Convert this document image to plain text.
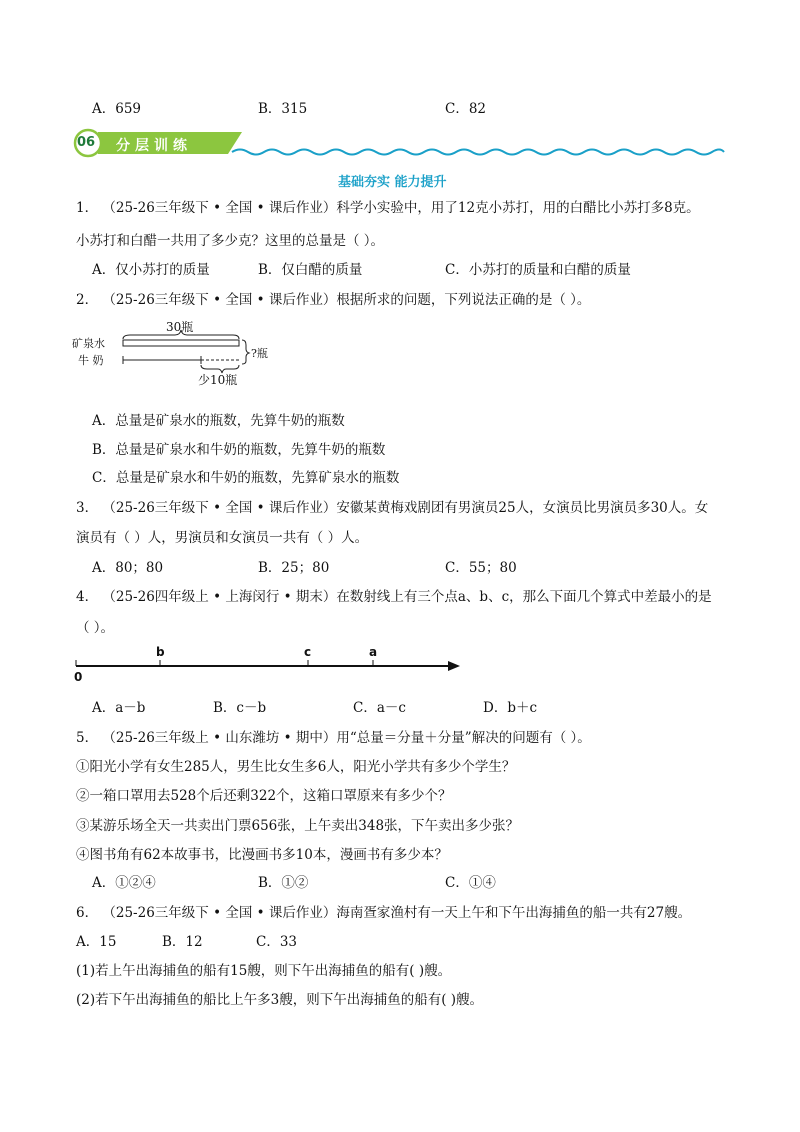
A．659	B．315	C．82
06 分层训练
基础夯实 能力提升
1． （25-26三年级下 • 全国 • 课后作业）科学小实验中，用了12克小苏打，用的白醋比小苏打多8克。
小苏打和白醋一共用了多少克？这里的总量是（ ）。
A．仅小苏打的质量	B．仅白醋的质量	C．小苏打的质量和白醋的质量
2． （25-26三年级下 • 全国 • 课后作业）根据所求的问题，下列说法正确的是（ ）。
30瓶
矿泉水
牛 奶
?瓶
少10瓶
A．总量是矿泉水的瓶数，先算牛奶的瓶数
B．总量是矿泉水和牛奶的瓶数，先算牛奶的瓶数
C．总量是矿泉水和牛奶的瓶数，先算矿泉水的瓶数
3． （25-26三年级下 • 全国 • 课后作业）安徽某黄梅戏剧团有男演员25人，女演员比男演员多30人。女
演员有（ ）人，男演员和女演员一共有（ ）人。
A．80；80	B．25；80	C．55；80
4． （25-26四年级上 • 上海闵行 • 期末）在数射线上有三个点a、b、c，那么下面几个算式中差最小的是
（ ）。
0
b	c	a
A．a－b	B．c－b	C．a－c	D．b＋c
5． （25-26三年级上 • 山东潍坊 • 期中）用“总量＝分量＋分量”解决的问题有（ ）。
①阳光小学有女生285人，男生比女生多6人，阳光小学共有多少个学生？
②一箱口罩用去528个后还剩322个，这箱口罩原来有多少个？
③某游乐场全天一共卖出门票656张，上午卖出348张，下午卖出多少张？
④图书角有62本故事书，比漫画书多10本，漫画书有多少本？
A．①②④	B．①②	C．①④
6． （25-26三年级下 • 全国 • 课后作业）海南疍家渔村有一天上午和下午出海捕鱼的船一共有27艘。
A．15	B．12	C．33
(1)若上午出海捕鱼的船有15艘，则下午出海捕鱼的船有( )艘。
(2)若下午出海捕鱼的船比上午多3艘，则下午出海捕鱼的船有( )艘。
